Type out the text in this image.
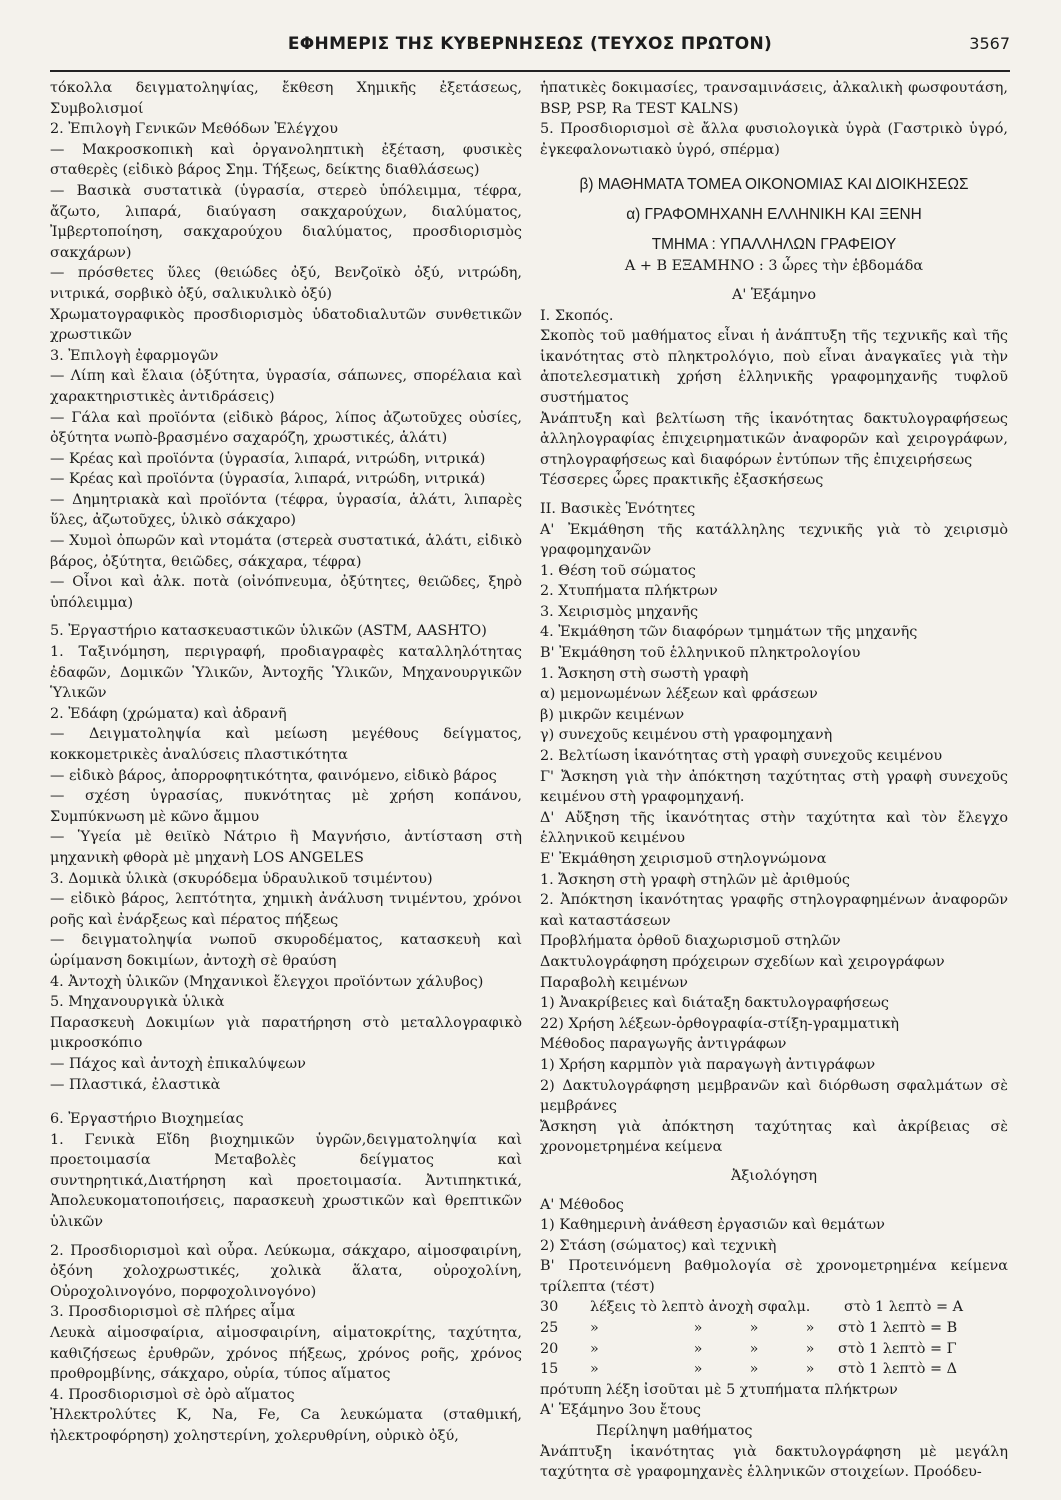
ΕΦΗΜΕΡΙΣ ΤΗΣ ΚΥΒΕΡΝΗΣΕΩΣ (ΤΕΥΧΟΣ ΠΡΩΤΟΝ)	3567

τόκολλα δειγματοληψίας, ἔκθεση Χημικῆς ἐξετάσεως, Συμβολισμοί

2. Ἐπιλογὴ Γενικῶν Μεθόδων Ἐλέγχου

— Μακροσκοπικὴ καὶ ὀργανοληπτικὴ ἐξέταση, φυσικὲς σταθερὲς (εἰδικὸ βάρος Σημ. Τήξεως, δείκτης διαθλάσεως)

— Βασικὰ συστατικὰ (ὑγρασία, στερεὸ ὑπόλειμμα, τέφρα, ἄζωτο, λιπαρά, διαύγαση σακχαρούχων, διαλύματος, Ἰμβερτοποίηση, σακχαρούχου διαλύματος, προσδιορισμὸς σακχάρων)

— πρόσθετες ὕλες (θειώδες ὀξύ, Βενζοϊκὸ ὀξύ, νιτρώδη, νιτρικά, σορβικὸ ὀξύ, σαλικυλικὸ ὀξύ)

Χρωματογραφικὸς προσδιορισμὸς ὑδατοδιαλυτῶν συνθετικῶν χρωστικῶν

3. Ἐπιλογὴ ἐφαρμογῶν

— Λίπη καὶ ἔλαια (ὀξύτητα, ὑγρασία, σάπωνες, σπορέλαια καὶ χαρακτηριστικὲς ἀντιδράσεις)

— Γάλα καὶ προϊόντα (εἰδικὸ βάρος, λίπος ἀζωτοῦχες οὐσίες, ὀξύτητα νωπὸ-βρασμένο σαχαρόζη, χρωστικές, ἁλάτι)

— Κρέας καὶ προϊόντα (ὑγρασία, λιπαρά, νιτρώδη, νιτρικά)

— Κρέας καὶ προϊόντα (ὑγρασία, λιπαρά, νιτρώδη, νιτρικά)

— Δημητριακὰ καὶ προϊόντα (τέφρα, ὑγρασία, ἁλάτι, λιπαρὲς ὕλες, ἀζωτοῦχες, ὑλικὸ σάκχαρο)

— Χυμοὶ ὀπωρῶν καὶ ντομάτα (στερεὰ συστατικά, ἁλάτι, εἰδικὸ βάρος, ὀξύτητα, θειῶδες, σάκχαρα, τέφρα)

— Οἶνοι καὶ ἀλκ. ποτὰ (οἰνόπνευμα, ὀξύτητες, θειῶδες, ξηρὸ ὑπόλειμμα)

5. Ἐργαστήριο κατασκευαστικῶν ὑλικῶν (ASTM, AASHTO)

1. Ταξινόμηση, περιγραφή, προδιαγραφὲς καταλληλότητας ἐδαφῶν, Δομικῶν Ὑλικῶν, Ἀντοχῆς Ὑλικῶν, Μηχανουργικῶν Ὑλικῶν

2. Ἐδάφη (χρώματα) καὶ ἀδρανῆ

— Δειγματοληψία καὶ μείωση μεγέθους δείγματος, κοκκομετρικὲς ἀναλύσεις πλαστικότητα

— εἰδικὸ βάρος, ἀπορροφητικότητα, φαινόμενο, εἰδικὸ βάρος

— σχέση ὑγρασίας, πυκνότητας μὲ χρήση κοπάνου, Συμπύκνωση μὲ κῶνο ἄμμου

— Ὑγεία μὲ θειϊκὸ Νάτριο ἢ Μαγνήσιο, ἀντίσταση στὴ μηχανικὴ φθορὰ μὲ μηχανὴ LOS ANGELES

3. Δομικὰ ὑλικὰ (σκυρόδεμα ὑδραυλικοῦ τσιμέντου)

— εἰδικὸ βάρος, λεπτότητα, χημικὴ ἀνάλυση τνιμέντου, χρόνοι ροῆς καὶ ἐνάρξεως καὶ πέρατος πήξεως

— δειγματοληψία νωποῦ σκυροδέματος, κατασκευὴ καὶ ὡρίμανση δοκιμίων, ἀντοχὴ σὲ θραύση

4. Ἀντοχὴ ὑλικῶν (Μηχανικοὶ ἔλεγχοι προϊόντων χάλυβος)

5. Μηχανουργικὰ ὑλικὰ

Παρασκευὴ Δοκιμίων γιὰ παρατήρηση στὸ μεταλλογραφικὸ μικροσκόπιο

— Πάχος καὶ ἀντοχὴ ἐπικαλύψεων

— Πλαστικά, ἐλαστικὰ

6. Ἐργαστήριο Βιοχημείας

1. Γενικὰ Εἴδη βιοχημικῶν ὑγρῶν,δειγματοληψία καὶ προετοιμασία Μεταβολὲς δείγματος καὶ συντηρητικά,Διατήρηση καὶ προετοιμασία. Ἀντιπηκτικά, Ἀπολευκοματοποιήσεις, παρασκευὴ χρωστικῶν καὶ θρεπτικῶν ὑλικῶν

2. Προσδιορισμοὶ καὶ οὖρα. Λεύκωμα, σάκχαρο, αἱμοσφαιρίνη, ὀξόνη χολοχρωστικές, χολικὰ ἅλατα, οὐροχολίνη, Οὐροχολινογόνο, πορφοχολινογόνο)

3. Προσδιορισμοὶ σὲ πλήρες αἷμα

Λευκὰ αἱμοσφαίρια, αἱμοσφαιρίνη, αἱματοκρίτης, ταχύτητα, καθιζήσεως ἐρυθρῶν, χρόνος πήξεως, χρόνος ροῆς, χρόνος προθρομβίνης, σάκχαρο, οὐρία, τύπος αἵματος

4. Προσδιορισμοὶ σὲ ὀρὸ αἵματος

Ἠλεκτρολύτες K, Na, Fe, Ca λευκώματα (σταθμική, ἠλεκτροφόρηση) χοληστερίνη, χολερυθρίνη, οὐρικὸ ὀξύ,

ἡπατικὲς δοκιμασίες, τρανσαμινάσεις, ἀλκαλικὴ φωσφουτάση, BSP, PSP, Ra TEST KALNS)

5. Προσδιορισμοὶ σὲ ἄλλα φυσιολογικὰ ὑγρὰ (Γαστρικὸ ὑγρό, ἐγκεφαλονωτιακὸ ὑγρό, σπέρμα)

β) ΜΑΘΗΜΑΤΑ ΤΟΜΕΑ ΟΙΚΟΝΟΜΙΑΣ ΚΑΙ ΔΙΟΙΚΗΣΕΩΣ

α) ΓΡΑΦΟΜΗΧΑΝΗ ΕΛΛΗΝΙΚΗ ΚΑΙ ΞΕΝΗ

ΤΜΗΜΑ : ΥΠΑΛΛΗΛΩΝ ΓΡΑΦΕΙΟΥ

Α + Β ΕΞΑΜΗΝΟ : 3 ὧρες τὴν ἑβδομάδα

Α' Ἑξάμηνο

Ι. Σκοπός.

Σκοπὸς τοῦ μαθήματος εἶναι ἡ ἀνάπτυξη τῆς τεχνικῆς καὶ τῆς ἱκανότητας στὸ πληκτρολόγιο, ποὺ εἶναι ἀναγκαῖες γιὰ τὴν ἀποτελεσματικὴ χρήση ἑλληνικῆς γραφομηχανῆς τυφλοῦ συστήματος

Ἀνάπτυξη καὶ βελτίωση τῆς ἱκανότητας δακτυλογραφήσεως ἀλληλογραφίας ἐπιχειρηματικῶν ἀναφορῶν καὶ χειρογράφων, στηλογραφήσεως καὶ διαφόρων ἐντύπων τῆς ἐπιχειρήσεως

Τέσσερες ὧρες πρακτικῆς ἐξασκήσεως

ΙΙ. Βασικὲς Ἑνότητες

Α' Ἐκμάθηση τῆς κατάλληλης τεχνικῆς γιὰ τὸ χειρισμὸ γραφομηχανῶν

1. Θέση τοῦ σώματος

2. Χτυπήματα πλήκτρων

3. Χειρισμὸς μηχανῆς

4. Ἐκμάθηση τῶν διαφόρων τμημάτων τῆς μηχανῆς

Β' Ἐκμάθηση τοῦ ἑλληνικοῦ πληκτρολογίου

1. Ἄσκηση στὴ σωστὴ γραφὴ

α) μεμονωμένων λέξεων καὶ φράσεων

β) μικρῶν κειμένων

γ) συνεχοῦς κειμένου στὴ γραφομηχανὴ

2. Βελτίωση ἱκανότητας στὴ γραφὴ συνεχοῦς κειμένου

Γ' Ἄσκηση γιὰ τὴν ἀπόκτηση ταχύτητας στὴ γραφὴ συνεχοῦς κειμένου στὴ γραφομηχανή.

Δ' Αὔξηση τῆς ἱκανότητας στὴν ταχύτητα καὶ τὸν ἔλεγχο ἑλληνικοῦ κειμένου

Ε' Ἐκμάθηση χειρισμοῦ στηλογνώμονα

1. Ἄσκηση στὴ γραφὴ στηλῶν μὲ ἀριθμούς

2. Ἀπόκτηση ἱκανότητας γραφῆς στηλογραφημένων ἀναφορῶν καὶ καταστάσεων

Προβλήματα ὀρθοῦ διαχωρισμοῦ στηλῶν

Δακτυλογράφηση πρόχειρων σχεδίων καὶ χειρογράφων

Παραβολὴ κειμένων

1) Ἀνακρίβειες καὶ διάταξη δακτυλογραφήσεως

22) Χρήση λέξεων-ὀρθογραφία-στίξη-γραμματικὴ

Μέθοδος παραγωγῆς ἀντιγράφων

1) Χρήση καρμπὸν γιὰ παραγωγὴ ἀντιγράφων

2) Δακτυλογράφηση μεμβρανῶν καὶ διόρθωση σφαλμάτων σὲ μεμβράνες

Ἄσκηση γιὰ ἀπόκτηση ταχύτητας καὶ ἀκρίβειας σὲ χρονομετρημένα κείμενα

Ἀξιολόγηση

Α' Μέθοδος

1) Καθημερινὴ ἀνάθεση ἐργασιῶν καὶ θεμάτων

2) Στάση (σώματος) καὶ τεχνικὴ

Β' Προτεινόμενη βαθμολογία σὲ χρονομετρημένα κείμενα τρίλεπτα (τέστ)

30	λέξεις τὸ λεπτὸ ἀνοχὴ σφαλμ.	στὸ 1 λεπτὸ = Α
25	»	»	»	»	στὸ 1 λεπτὸ = Β
20	»	»	»	»	στὸ 1 λεπτὸ = Γ
15	»	»	»	»	στὸ 1 λεπτὸ = Δ

πρότυπη λέξη ἰσοῦται μὲ 5 χτυπήματα πλήκτρων

Α' Ἑξάμηνο 3ου ἔτους

Περίληψη μαθήματος

Ἀνάπτυξη ἱκανότητας γιὰ δακτυλογράφηση μὲ μεγάλη ταχύτητα σὲ γραφομηχανὲς ἑλληνικῶν στοιχείων. Προόδευ-
